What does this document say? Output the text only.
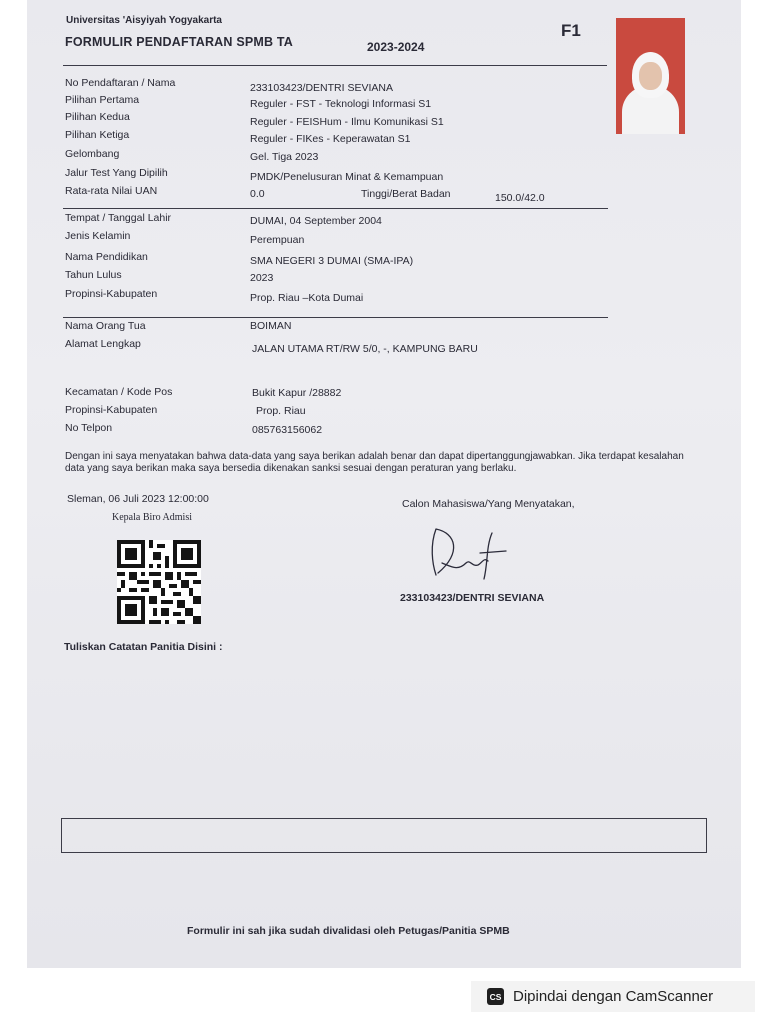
Universitas 'Aisyiyah Yogyakarta
FORMULIR PENDAFTARAN SPMB TA	2023-2024
F1
No Pendaftaran / Nama	233103423/DENTRI SEVIANA
Pilihan Pertama	Reguler - FST - Teknologi Informasi S1
Pilihan Kedua	Reguler - FEISHum - Ilmu Komunikasi S1
Pilihan Ketiga	Reguler - FIKes - Keperawatan S1
Gelombang	Gel. Tiga 2023
Jalur Test Yang Dipilih	PMDK/Penelusuran Minat & Kemampuan
Rata-rata Nilai UAN	0.0	Tinggi/Berat Badan	150.0/42.0
Tempat / Tanggal Lahir	DUMAI, 04 September 2004
Jenis Kelamin	Perempuan
Nama Pendidikan	SMA NEGERI 3 DUMAI (SMA-IPA)
Tahun Lulus	2023
Propinsi-Kabupaten	Prop. Riau –Kota Dumai
Nama Orang Tua	BOIMAN
Alamat Lengkap	JALAN UTAMA RT/RW 5/0, -, KAMPUNG BARU
Kecamatan / Kode Pos	Bukit Kapur /28882
Propinsi-Kabupaten	Prop. Riau
No Telpon	085763156062
Dengan ini saya menyatakan bahwa data-data yang saya berikan adalah benar dan dapat dipertanggungjawabkan. Jika terdapat kesalahan data yang saya berikan maka saya bersedia dikenakan sanksi sesuai dengan peraturan yang berlaku.
Sleman, 06 Juli 2023 12:00:00
Kepala Biro Admisi
Calon Mahasiswa/Yang Menyatakan,
233103423/DENTRI SEVIANA
Tuliskan Catatan Panitia Disini :
Formulir ini sah jika sudah divalidasi oleh Petugas/Panitia SPMB
CS Dipindai dengan CamScanner
